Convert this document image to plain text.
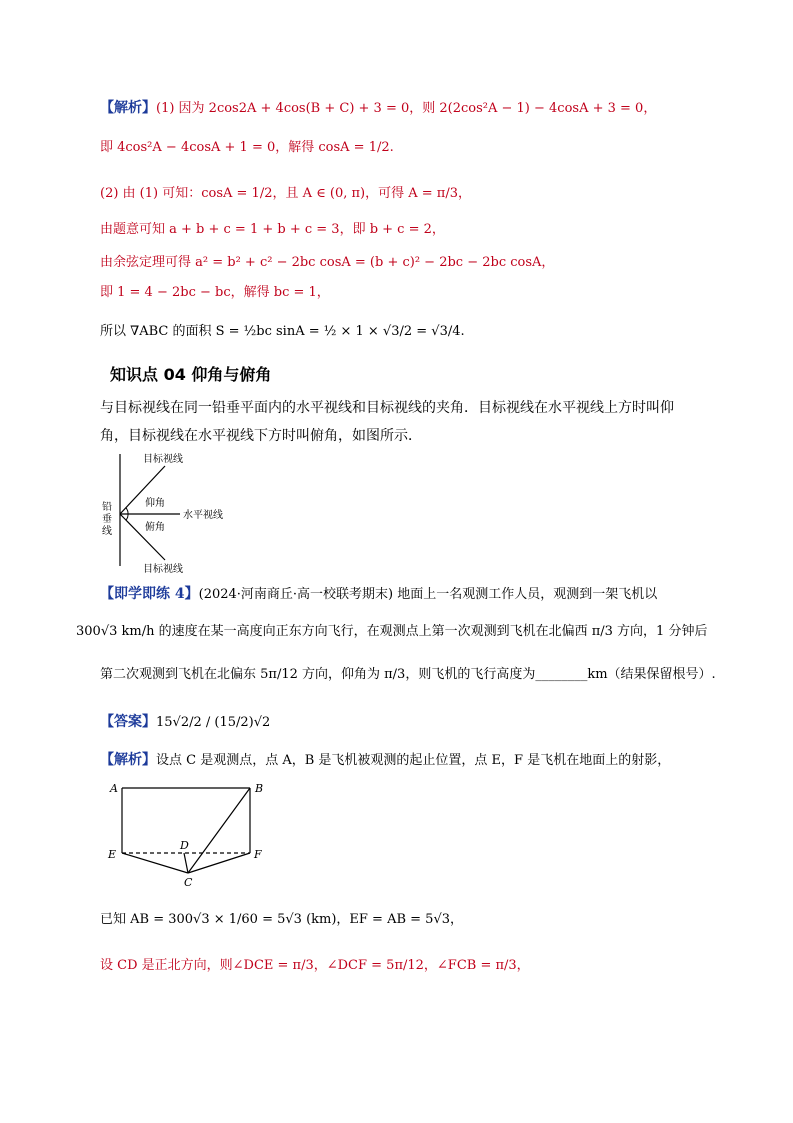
【解析】(1) 因为 2cos2A + 4cos(B + C) + 3 = 0，则 2(2cos²A − 1) − 4cosA + 3 = 0，
即 4cos²A − 4cosA + 1 = 0，解得 cosA = 1/2.
(2) 由 (1) 可知：cosA = 1/2，且 A ∈ (0, π)，可得 A = π/3，
由题意可知 a + b + c = 1 + b + c = 3，即 b + c = 2，
由余弦定理可得 a² = b² + c² − 2bc cosA = (b + c)² − 2bc − 2bc cosA，
即 1 = 4 − 2bc − bc，解得 bc = 1，
所以 ∇ABC 的面积 S = ½bc sinA = ½ × 1 × √3/2 = √3/4.
知识点 04 仰角与俯角
与目标视线在同一铅垂平面内的水平视线和目标视线的夹角．目标视线在水平视线上方时叫仰角，目标视线在水平视线下方时叫俯角，如图所示．
目标视线
目标视线
水平视线
仰角
俯角
铅
垂
线
【即学即练 4】(2024·河南商丘·高一校联考期末) 地面上一名观测工作人员，观测到一架飞机以
300√3 km/h 的速度在某一高度向正东方向飞行，在观测点上第一次观测到飞机在北偏西 π/3 方向，1 分钟后
第二次观测到飞机在北偏东 5π/12 方向，仰角为 π/3，则飞机的飞行高度为________km（结果保留根号）.
【答案】15√2/2 / (15/2)√2
【解析】设点 C 是观测点，点 A，B 是飞机被观测的起止位置，点 E，F 是飞机在地面上的射影，
A	B
C
D
E	F
已知 AB = 300√3 × 1/60 = 5√3 (km)，EF = AB = 5√3，
设 CD 是正北方向，则∠DCE = π/3，∠DCF = 5π/12，∠FCB = π/3，
